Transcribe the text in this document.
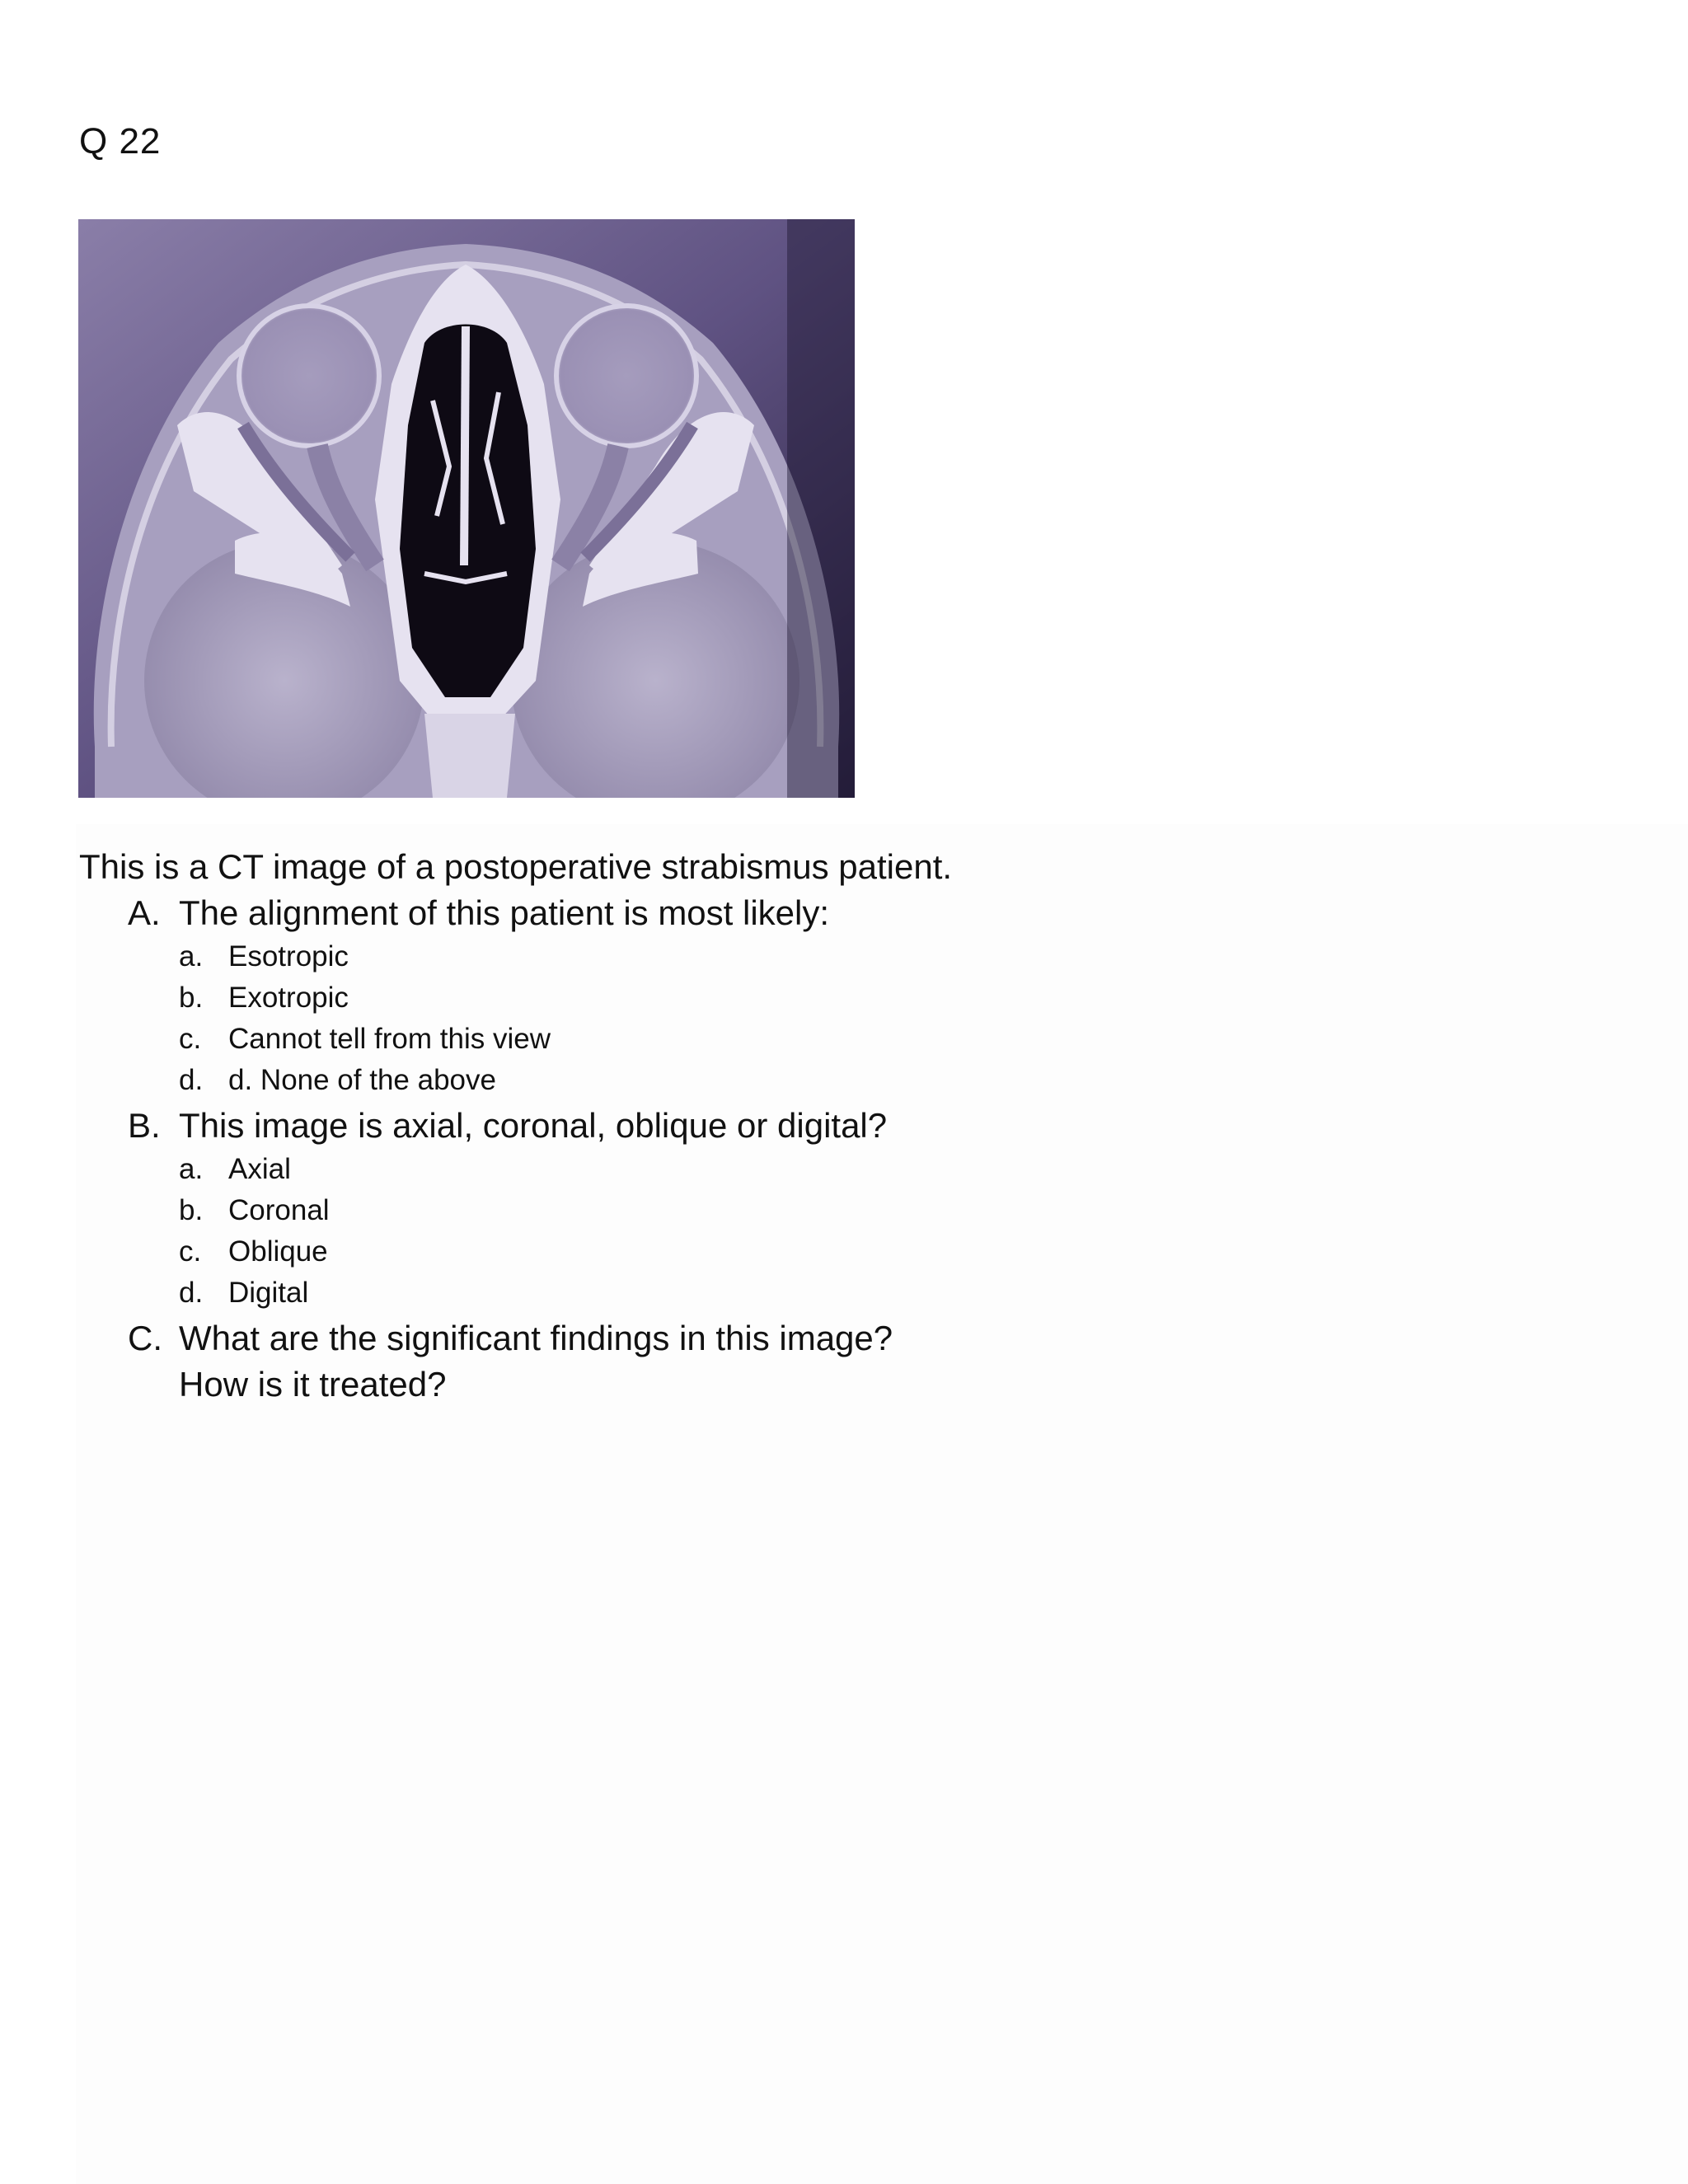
Q 22

This is a CT image of a postoperative strabismus patient.

A. The alignment of this patient is most likely:
a. Esotropic
b. Exotropic
c. Cannot tell from this view
d. d. None of the above
B. This image is axial, coronal, oblique or digital?
a. Axial
b. Coronal
c. Oblique
d. Digital
C. What are the significant findings in this image?
How is it treated?
